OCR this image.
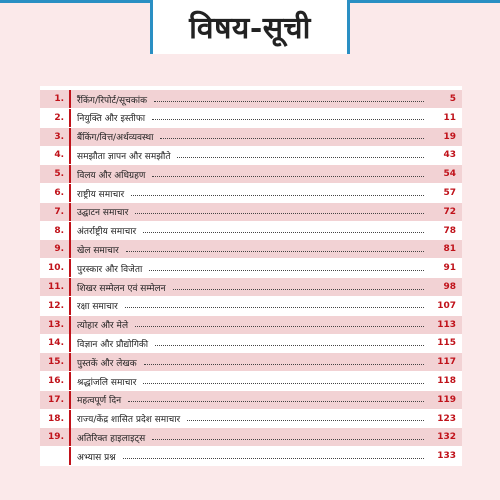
विषय-सूची
1.	रैंकिंग/रिपोर्ट/सूचकांक	5
2.	नियुक्ति और इस्तीफा	11
3.	बैंकिंग/वित्त/अर्थव्यवस्था	19
4.	समझौता ज्ञापन और समझौते	43
5.	विलय और अधिग्रहण	54
6.	राष्ट्रीय समाचार	57
7.	उद्घाटन समाचार	72
8.	अंतर्राष्ट्रीय समाचार	78
9.	खेल समाचार	81
10.	पुरस्कार और विजेता	91
11.	शिखर सम्मेलन एवं सम्मेलन	98
12.	रक्षा समाचार	107
13.	त्योहार और मेले	113
14.	विज्ञान और प्रौद्योगिकी	115
15.	पुस्तकें और लेखक	117
16.	श्रद्धांजलि समाचार	118
17.	महत्वपूर्ण दिन	119
18.	राज्य/केंद्र शासित प्रदेश समाचार	123
19.	अतिरिक्त हाइलाइट्स	132
अभ्यास प्रश्न	133
